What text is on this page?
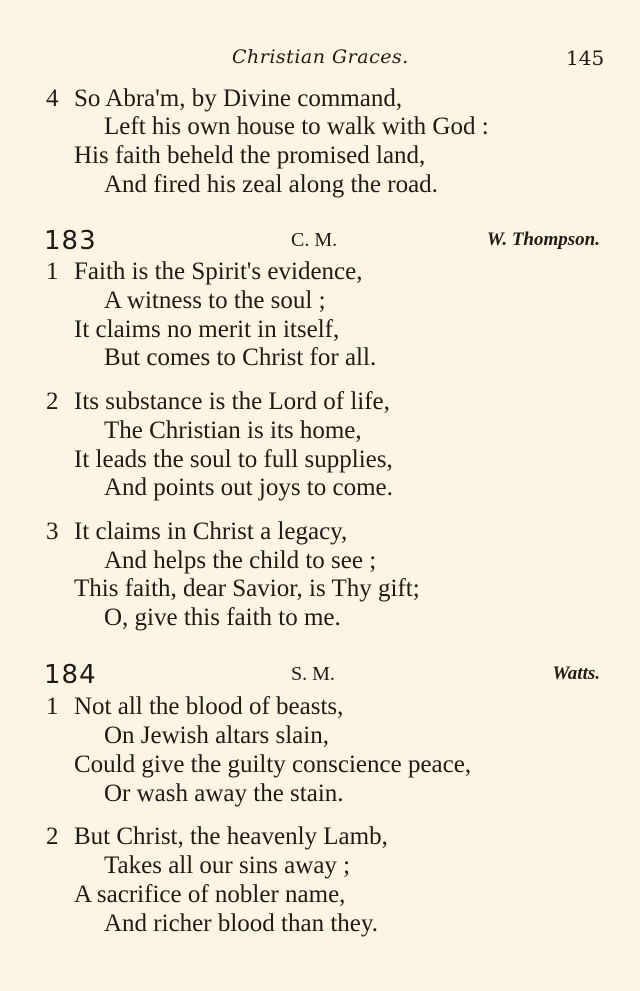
Christian Graces.	145
4 So Abra'm, by Divine command,
Left his own house to walk with God :
His faith beheld the promised land,
And fired his zeal along the road.
183	C. M.	W. Thompson.
1 Faith is the Spirit's evidence,
A witness to the soul ;
It claims no merit in itself,
But comes to Christ for all.
2 Its substance is the Lord of life,
The Christian is its home,
It leads the soul to full supplies,
And points out joys to come.
3 It claims in Christ a legacy,
And helps the child to see ;
This faith, dear Savior, is Thy gift;
O, give this faith to me.
184	S. M.	Watts.
1 Not all the blood of beasts,
On Jewish altars slain,
Could give the guilty conscience peace,
Or wash away the stain.
2 But Christ, the heavenly Lamb,
Takes all our sins away ;
A sacrifice of nobler name,
And richer blood than they.
